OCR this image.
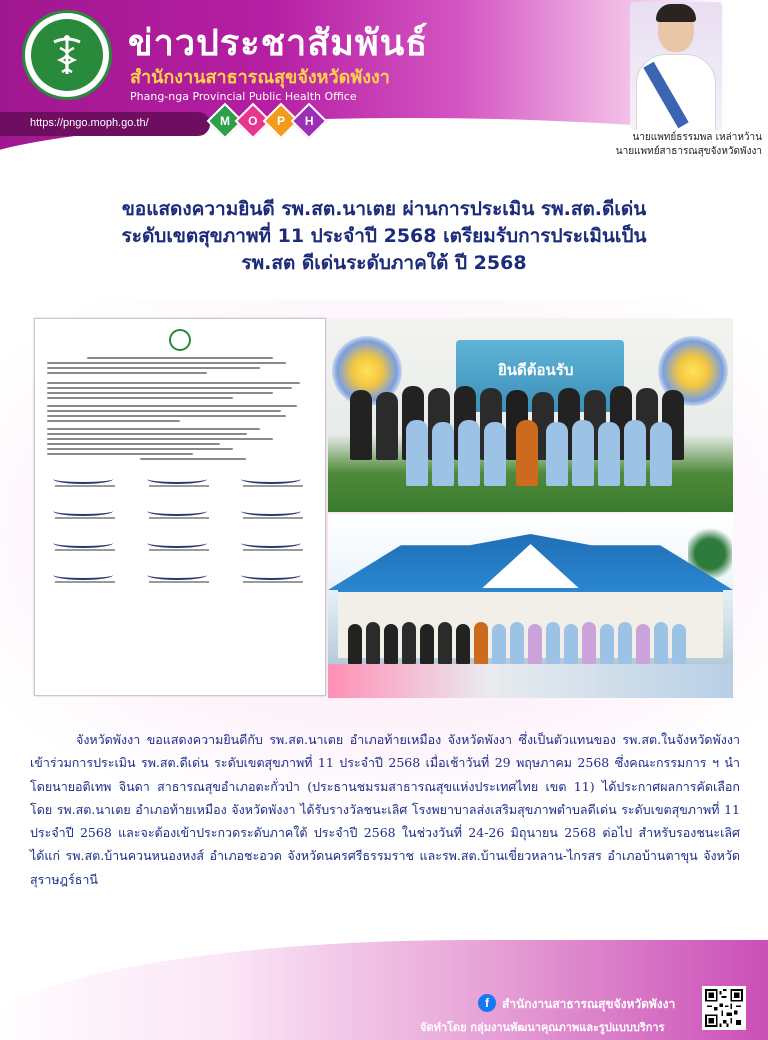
ข่าวประชาสัมพันธ์
สำนักงานสาธารณสุขจังหวัดพังงา
Phang-nga Provincial Public Health Office
https://pngo.moph.go.th/	M O P H
นายแพทย์ธรรมพล เหล่าหว้าน
นายแพทย์สาธารณสุขจังหวัดพังงา
ขอแสดงความยินดี รพ.สต.นาเตย ผ่านการประเมิน รพ.สต.ดีเด่น
ระดับเขตสุขภาพที่ 11 ประจำปี 2568 เตรียมรับการประเมินเป็น
รพ.สต ดีเด่นระดับภาคใต้ ปี 2568
ยินดีต้อนรับ
จังหวัดพังงา ขอแสดงความยินดีกับ รพ.สต.นาเตย อำเภอท้ายเหมือง จังหวัดพังงา ซึ่งเป็นตัวแทนของ รพ.สต.ในจังหวัดพังงา เข้าร่วมการประเมิน รพ.สต.ดีเด่น ระดับเขตสุขภาพที่ 11 ประจำปี 2568 เมื่อเช้าวันที่ 29 พฤษภาคม 2568 ซึ่งคณะกรรมการ ฯ นำโดยนายอติเทพ จินดา สาธารณสุขอำเภอตะกั่วป่า (ประธานชมรมสาธารณสุขแห่งประเทศไทย เขต 11) ได้ประกาศผลการคัดเลือก โดย รพ.สต.นาเตย อำเภอท้ายเหมือง จังหวัดพังงา ได้รับรางวัลชนะเลิศ โรงพยาบาลส่งเสริมสุขภาพตำบลดีเด่น ระดับเขตสุขภาพที่ 11 ประจำปี 2568 และจะต้องเข้าประกวดระดับภาคใต้ ประจำปี 2568 ในช่วงวันที่ 24-26 มิถุนายน 2568 ต่อไป สำหรับรองชนะเลิศได้แก่ รพ.สต.บ้านควนหนองหงส์ อำเภอชะอวด จังหวัดนครศรีธรรมราช และรพ.สต.บ้านเขี่ยวหลาน-ไกรสร อำเภอบ้านตาขุน จังหวัดสุราษฎร์ธานี
f	สำนักงานสาธารณสุขจังหวัดพังงา
จัดทำโดย กลุ่มงานพัฒนาคุณภาพและรูปแบบบริการ
